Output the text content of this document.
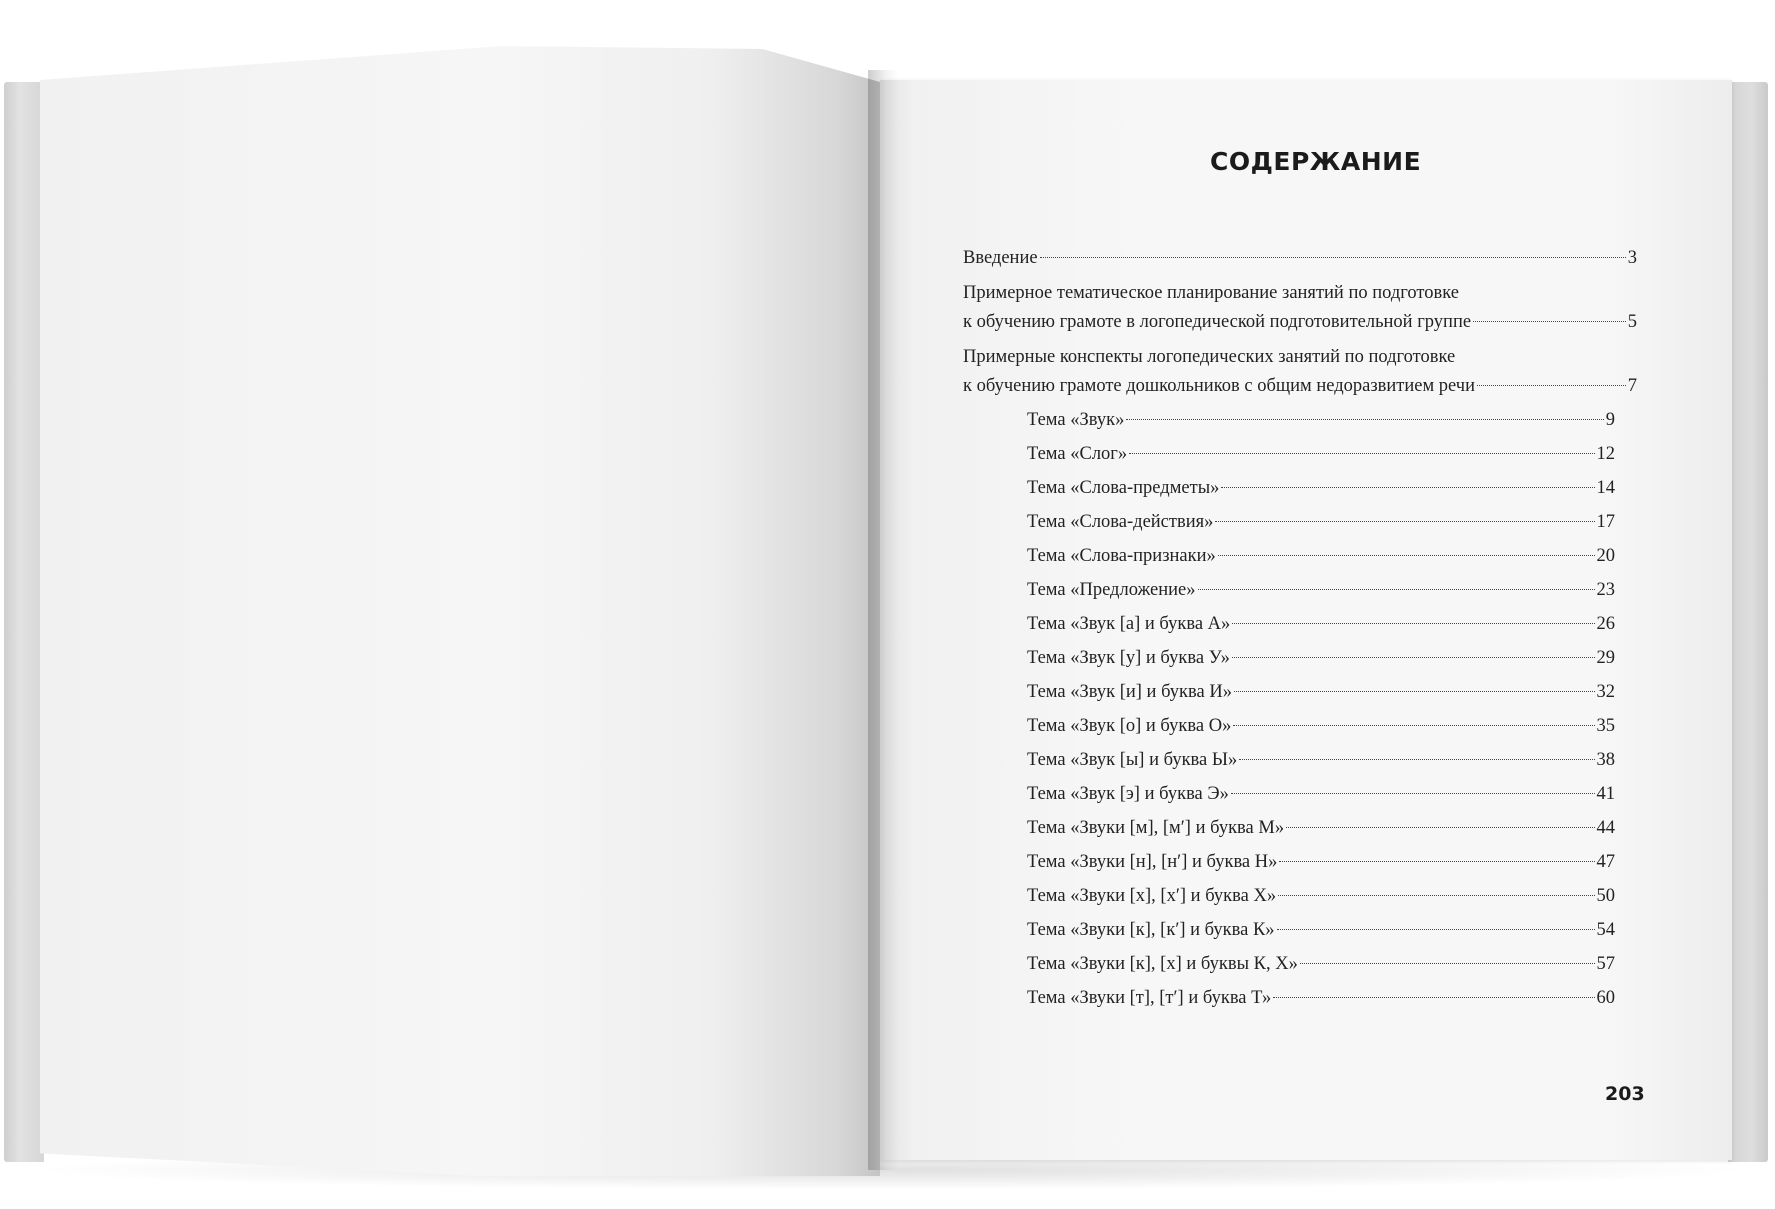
СОДЕРЖАНИЕ
Введение	3
Примерное тематическое планирование занятий по подготовке
к обучению грамоте в логопедической подготовительной группе	5
Примерные конспекты логопедических занятий по подготовке
к обучению грамоте дошкольников с общим недоразвитием речи	7
Тема «Звук»	9
Тема «Слог»	12
Тема «Слова-предметы»	14
Тема «Слова-действия»	17
Тема «Слова-признаки»	20
Тема «Предложение»	23
Тема «Звук [а] и буква А»	26
Тема «Звук [у] и буква У»	29
Тема «Звук [и] и буква И»	32
Тема «Звук [о] и буква О»	35
Тема «Звук [ы] и буква Ы»	38
Тема «Звук [э] и буква Э»	41
Тема «Звуки [м], [м′] и буква М»	44
Тема «Звуки [н], [н′] и буква Н»	47
Тема «Звуки [х], [х′] и буква Х»	50
Тема «Звуки [к], [к′] и буква К»	54
Тема «Звуки [к], [х] и буквы К, Х»	57
Тема «Звуки [т], [т′] и буква Т»	60
203
